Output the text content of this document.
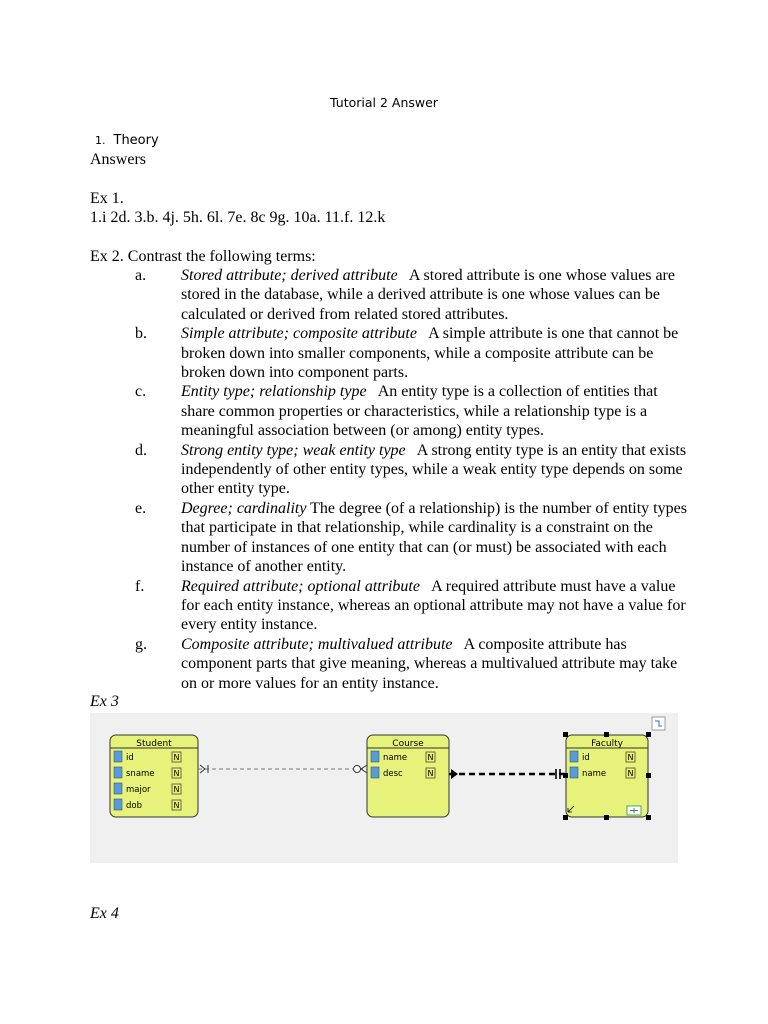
Tutorial 2 Answer
1. Theory
Answers
Ex 1.
1.i 2d. 3.b. 4j. 5h. 6l. 7e. 8c 9g. 10a. 11.f. 12.k
Ex 2. Contrast the following terms:
a. Stored attribute; derived attribute A stored attribute is one whose values are stored in the database, while a derived attribute is one whose values can be calculated or derived from related stored attributes.
b. Simple attribute; composite attribute A simple attribute is one that cannot be broken down into smaller components, while a composite attribute can be broken down into component parts.
c. Entity type; relationship type An entity type is a collection of entities that share common properties or characteristics, while a relationship type is a meaningful association between (or among) entity types.
d. Strong entity type; weak entity type A strong entity type is an entity that exists independently of other entity types, while a weak entity type depends on some other entity type.
e. Degree; cardinality The degree (of a relationship) is the number of entity types that participate in that relationship, while cardinality is a constraint on the number of instances of one entity that can (or must) be associated with each instance of another entity.
f. Required attribute; optional attribute A required attribute must have a value for each entity instance, whereas an optional attribute may not have a value for every entity instance.
g. Composite attribute; multivalued attribute A composite attribute has component parts that give meaning, whereas a multivalued attribute may take on or more values for an entity instance.
Ex 3
Student
id	N
sname N
major	N
dob	N
Course
name	N
desc	N
Faculty
id	N
name	N
Ex 4
